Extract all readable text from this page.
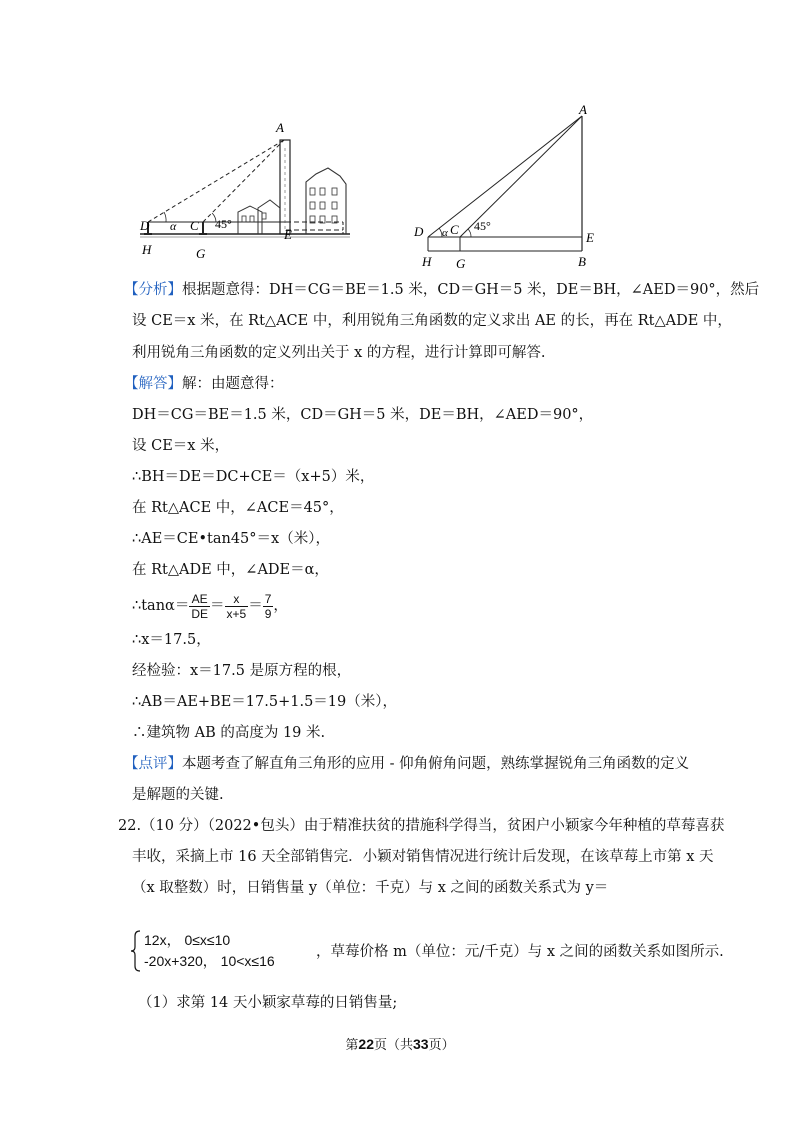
A
D α C 45°
E
H	G
A
D α C 45°
E
H G	B
【分析】根据题意得：DH＝CG＝BE＝1.5 米，CD＝GH＝5 米，DE＝BH，∠AED＝90°，然后
设 CE＝x 米，在 Rt△ACE 中，利用锐角三角函数的定义求出 AE 的长，再在 Rt△ADE 中，
利用锐角三角函数的定义列出关于 x 的方程，进行计算即可解答.
【解答】解：由题意得：
DH＝CG＝BE＝1.5 米，CD＝GH＝5 米，DE＝BH，∠AED＝90°，
设 CE＝x 米，
∴BH＝DE＝DC+CE＝（x+5）米，
在 Rt△ACE 中，∠ACE＝45°，
∴AE＝CE•tan45°＝x（米），
在 Rt△ADE 中，∠ADE＝α，
∴tanα＝ $\frac{AE}{DE} = \frac{x}{x+5} = \frac{7}{9}$ ，
∴x＝17.5，
经检验：x＝17.5 是原方程的根，
∴AB＝AE+BE＝17.5+1.5＝19（米），
∴建筑物 AB 的高度为 19 米.
【点评】本题考查了解直角三角形的应用 - 仰角俯角问题，熟练掌握锐角三角函数的定义
是解题的关键.
22.（10 分）（2022•包头）由于精准扶贫的措施科学得当，贫困户小颖家今年种植的草莓喜获
丰收，采摘上市 16 天全部销售完．小颖对销售情况进行统计后发现，在该草莓上市第 x 天
（x 取整数）时，日销售量 y（单位：千克）与 x 之间的函数关系式为 y＝
12x， 0≤x≤10
-20x+320， 10<x≤16
，草莓价格 m（单位：元/千克）与 x 之间的函数关系如图所示.
（1）求第 14 天小颖家草莓的日销售量;
第22页（共33页）
